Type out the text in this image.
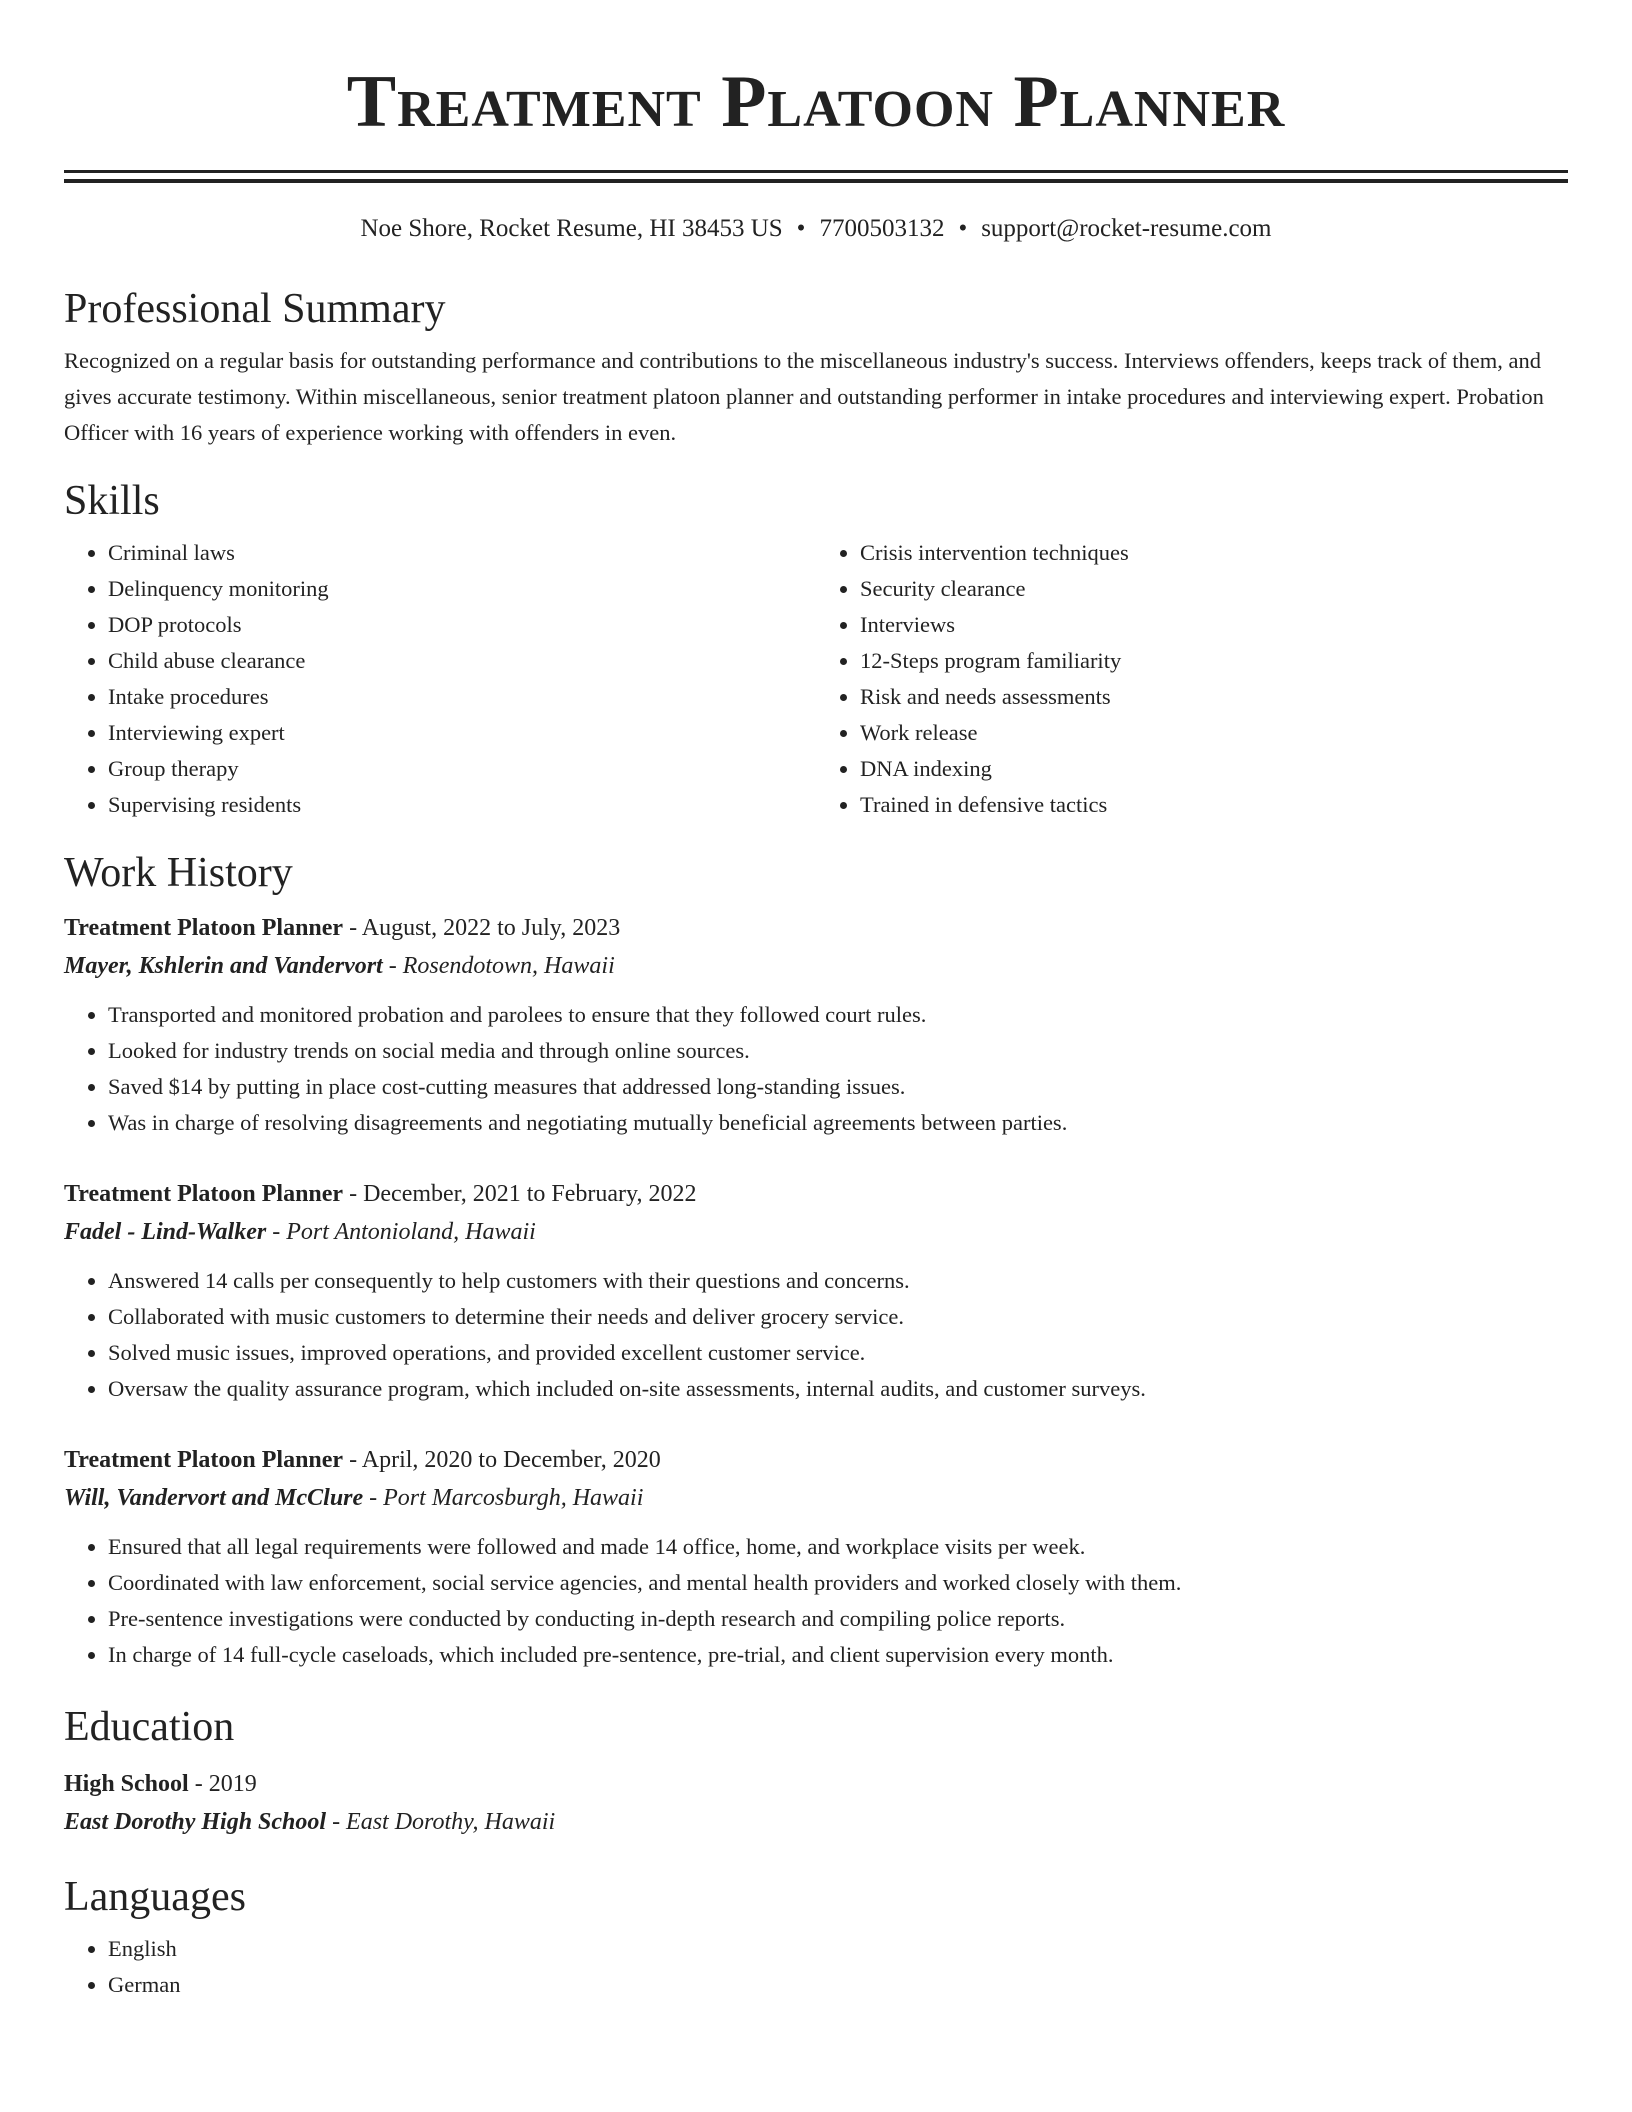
Treatment Platoon Planner
Noe Shore, Rocket Resume, HI 38453 US • 7700503132 • support@rocket-resume.com
Professional Summary

Recognized on a regular basis for outstanding performance and contributions to the miscellaneous industry's success. Interviews offenders, keeps track of them, and gives accurate testimony. Within miscellaneous, senior treatment platoon planner and outstanding performer in intake procedures and interviewing expert. Probation Officer with 16 years of experience working with offenders in even.

Skills
• Criminal laws
• Delinquency monitoring
• DOP protocols
• Child abuse clearance
• Intake procedures
• Interviewing expert
• Group therapy
• Supervising residents
• Crisis intervention techniques
• Security clearance
• Interviews
• 12-Steps program familiarity
• Risk and needs assessments
• Work release
• DNA indexing
• Trained in defensive tactics
Work History
Treatment Platoon Planner - August, 2022 to July, 2023
Mayer, Kshlerin and Vandervort - Rosendotown, Hawaii
• Transported and monitored probation and parolees to ensure that they followed court rules.
• Looked for industry trends on social media and through online sources.
• Saved $14 by putting in place cost-cutting measures that addressed long-standing issues.
• Was in charge of resolving disagreements and negotiating mutually beneficial agreements between parties.
Treatment Platoon Planner - December, 2021 to February, 2022
Fadel - Lind-Walker - Port Antonioland, Hawaii
• Answered 14 calls per consequently to help customers with their questions and concerns.
• Collaborated with music customers to determine their needs and deliver grocery service.
• Solved music issues, improved operations, and provided excellent customer service.
• Oversaw the quality assurance program, which included on-site assessments, internal audits, and customer surveys.
Treatment Platoon Planner - April, 2020 to December, 2020
Will, Vandervort and McClure - Port Marcosburgh, Hawaii
• Ensured that all legal requirements were followed and made 14 office, home, and workplace visits per week.
• Coordinated with law enforcement, social service agencies, and mental health providers and worked closely with them.
• Pre-sentence investigations were conducted by conducting in-depth research and compiling police reports.
• In charge of 14 full-cycle caseloads, which included pre-sentence, pre-trial, and client supervision every month.
Education
High School - 2019
East Dorothy High School - East Dorothy, Hawaii
Languages
• English
• German
